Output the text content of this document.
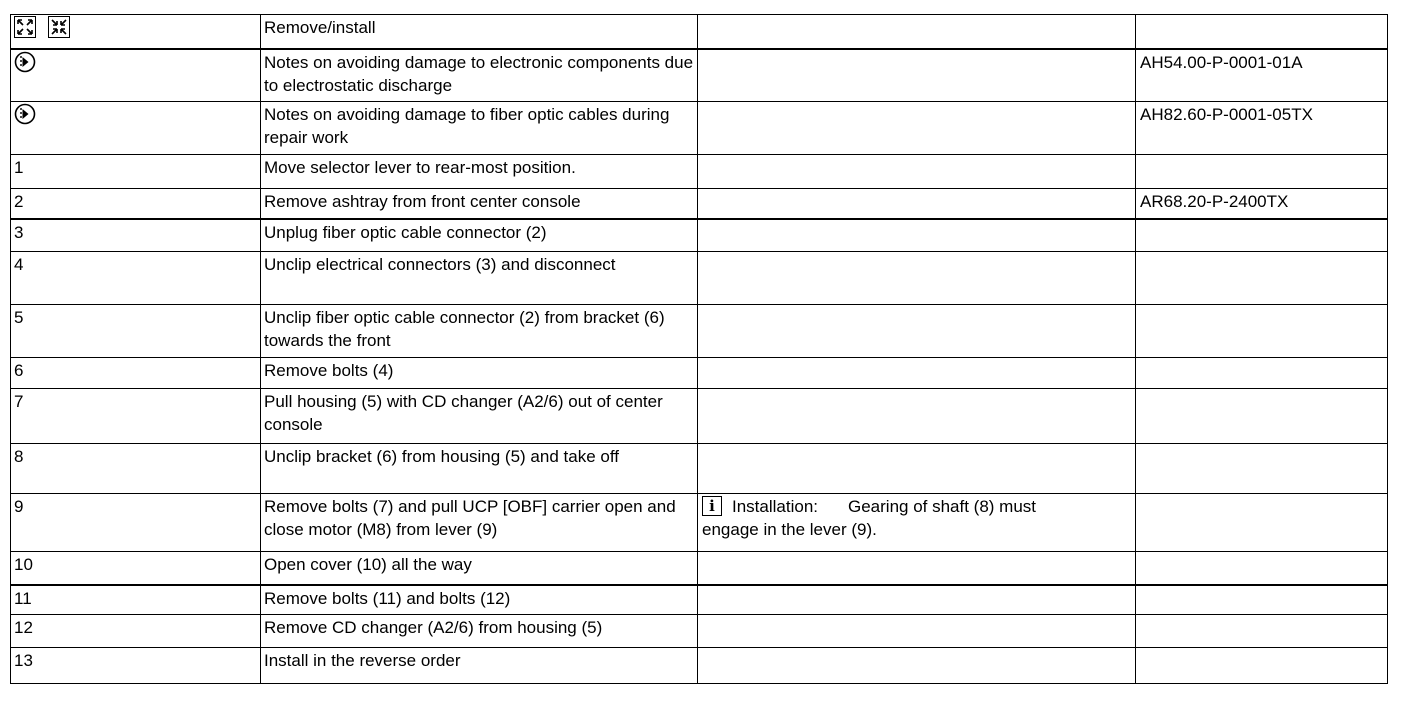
	Remove/install		
	Notes on avoiding damage to electronic components due to electrostatic discharge		AH54.00-P-0001-01A
	Notes on avoiding damage to fiber optic cables during repair work		AH82.60-P-0001-05TX
1	Move selector lever to rear-most position.		
2	Remove ashtray from front center console		AR68.20-P-2400TX
3	Unplug fiber optic cable connector (2)		
4	Unclip electrical connectors (3) and disconnect		
5	Unclip fiber optic cable connector (2) from bracket (6) towards the front		
6	Remove bolts (4)		
7	Pull housing (5) with CD changer (A2/6) out of center console		
8	Unclip bracket (6) from housing (5) and take off		
9	Remove bolts (7) and pull UCP [OBF] carrier open and close motor (M8) from lever (9)	i Installation: Gearing of shaft (8) must
engage in the lever (9).	
10	Open cover (10) all the way		
11	Remove bolts (11) and bolts (12)		
12	Remove CD changer (A2/6) from housing (5)		
13	Install in the reverse order		
